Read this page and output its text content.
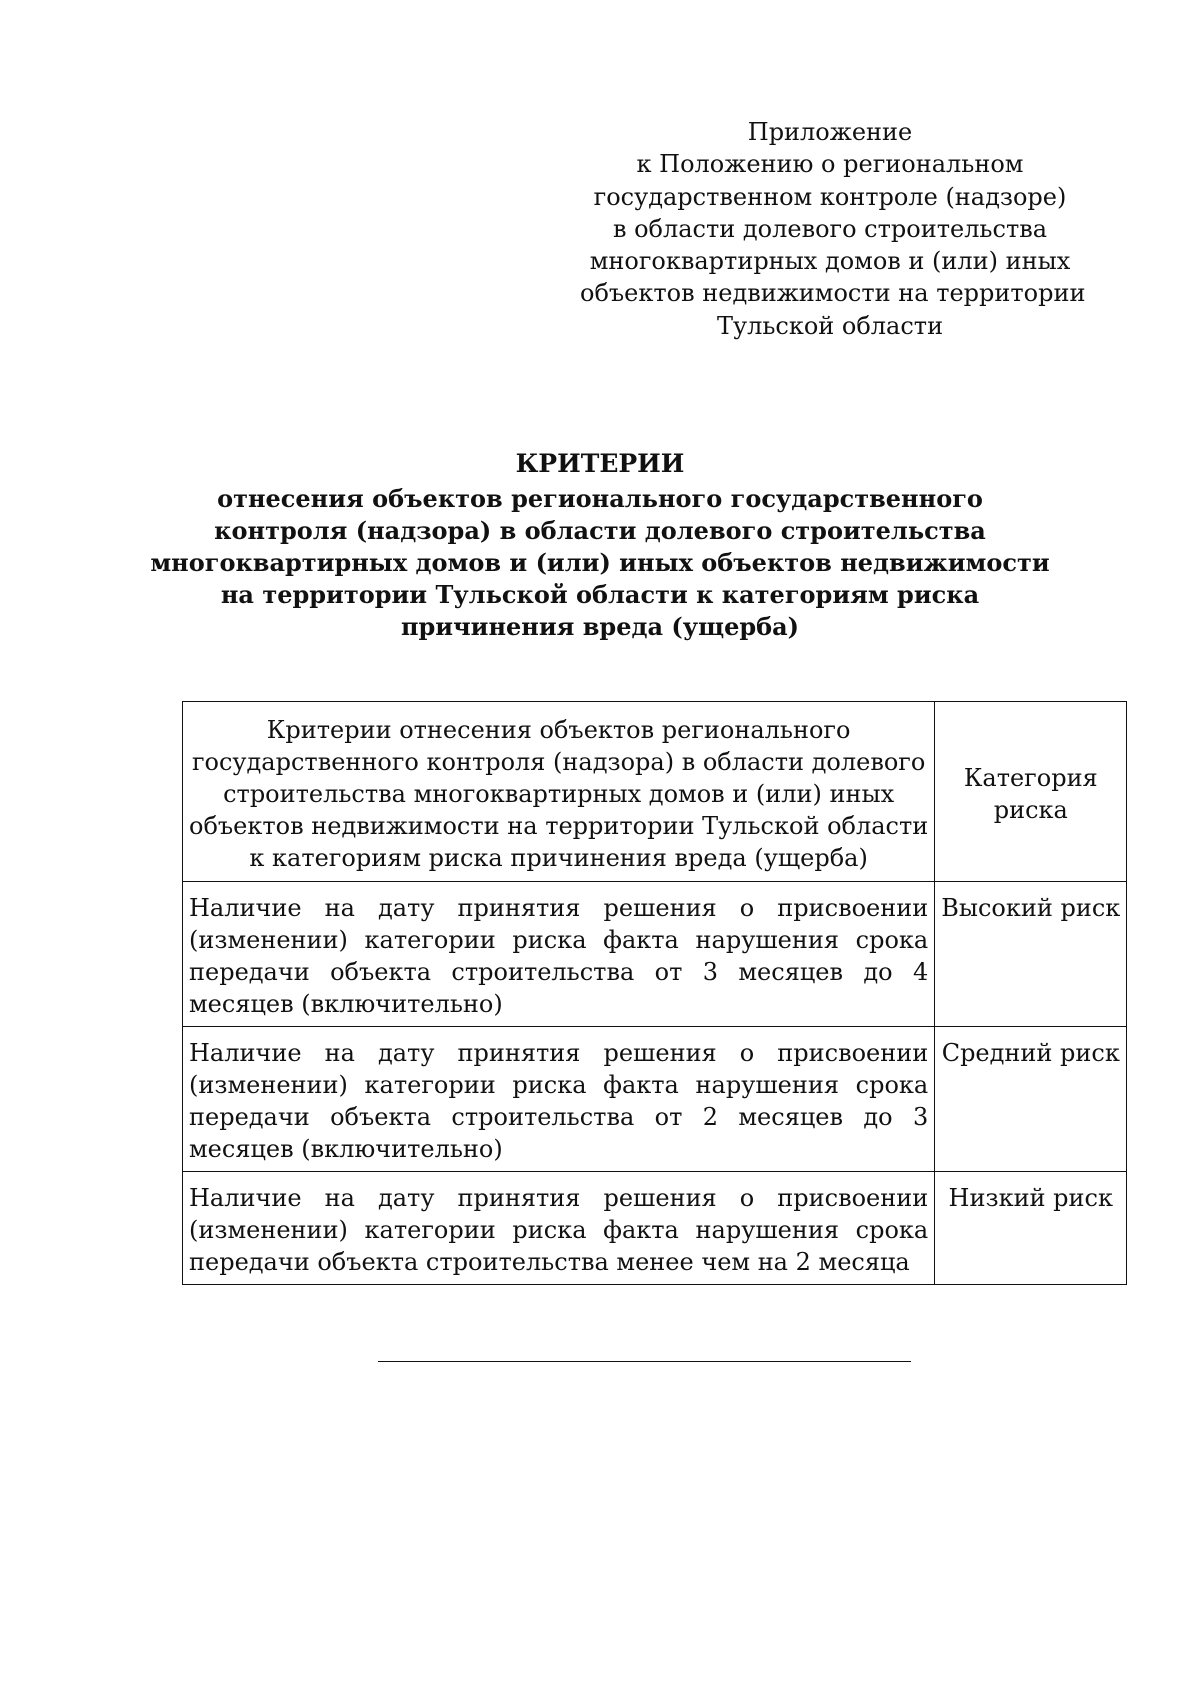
Приложение
к Положению о региональном
государственном контроле (надзоре)
в области долевого строительства
многоквартирных домов и (или) иных
объектов недвижимости на территории
Тульской области
КРИТЕРИИ
отнесения объектов регионального государственного
контроля (надзора) в области долевого строительства
многоквартирных домов и (или) иных объектов недвижимости
на территории Тульской области к категориям риска
причинения вреда (ущерба)
Критерии отнесения объектов регионального
государственного контроля (надзора) в области долевого
строительства многоквартирных домов и (или) иных
объектов недвижимости на территории Тульской области
к категориям риска причинения вреда (ущерба)	Категория
риска

Наличие на дату принятия решения о присвоении (изменении) категории риска факта нарушения срока передачи объекта строительства от 3 месяцев до 4 месяцев (включительно)	Высокий риск
Наличие на дату принятия решения о присвоении (изменении) категории риска факта нарушения срока передачи объекта строительства от 2 месяцев до 3 месяцев (включительно)	Средний риск
Наличие на дату принятия решения о присвоении (изменении) категории риска факта нарушения срока передачи объекта строительства менее чем на 2 месяца	Низкий риск
